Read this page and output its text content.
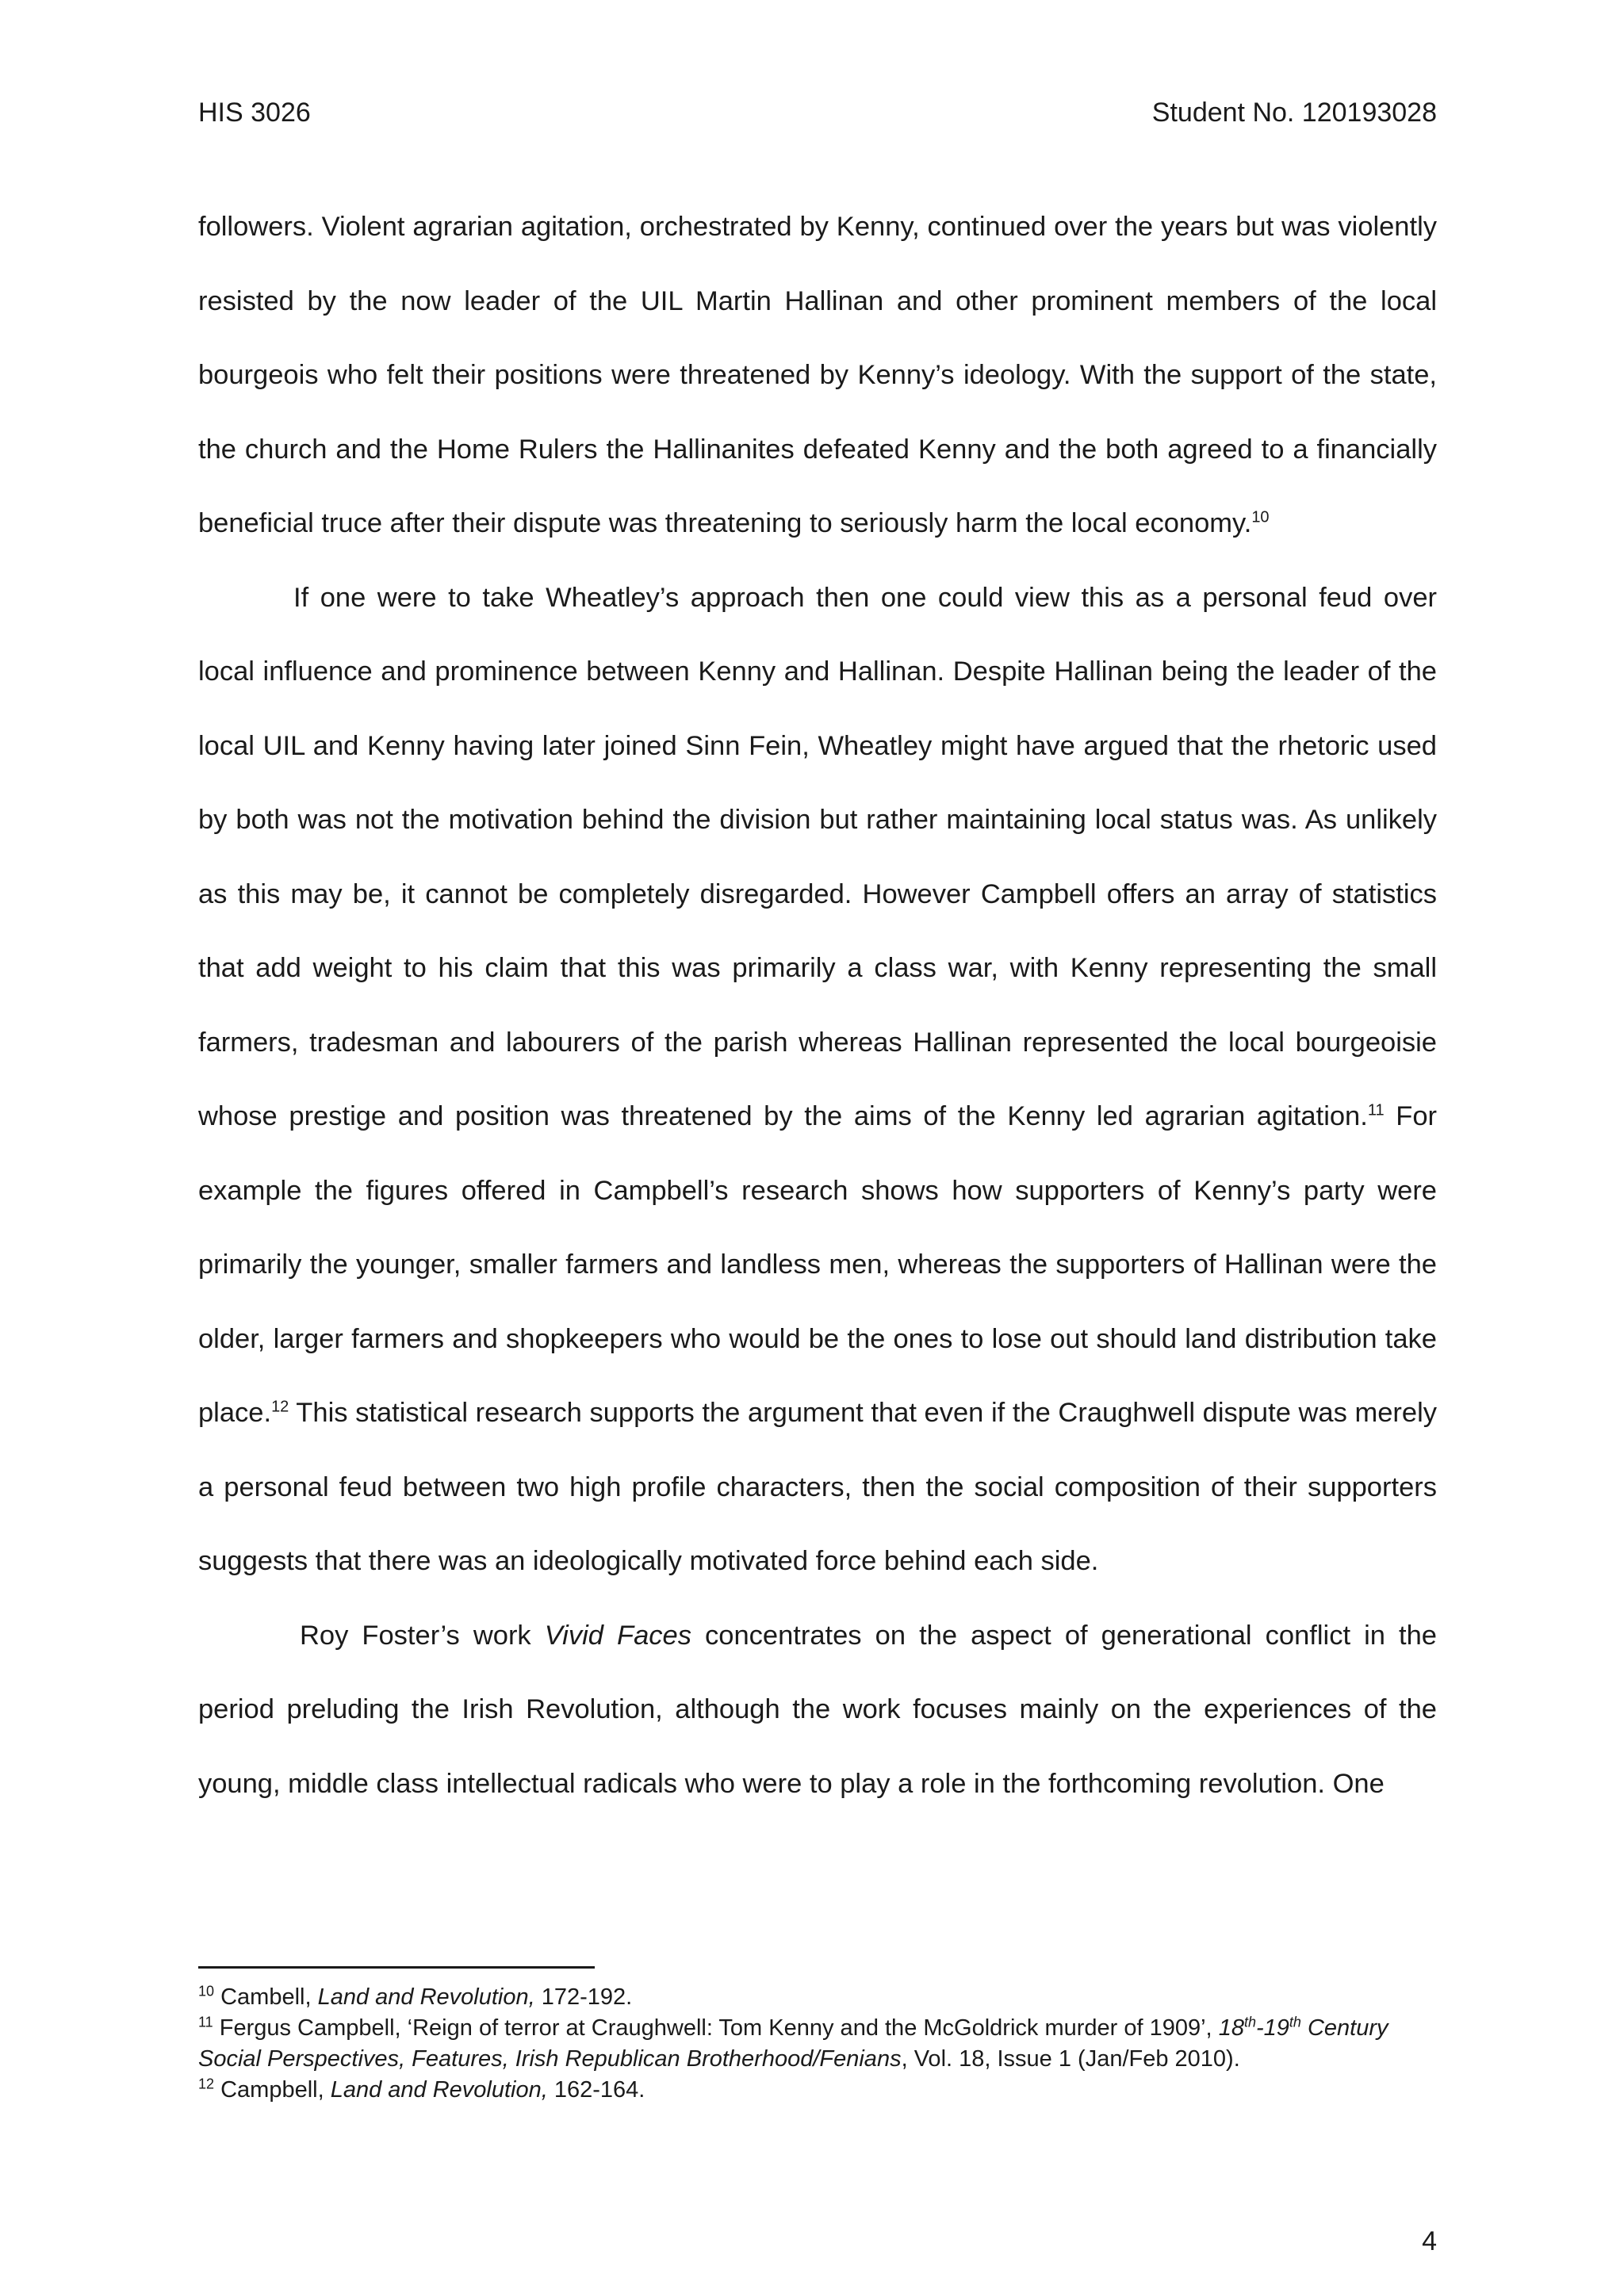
HIS 3026	Student No. 120193028

followers. Violent agrarian agitation, orchestrated by Kenny, continued over the years but was violently resisted by the now leader of the UIL Martin Hallinan and other prominent members of the local bourgeois who felt their positions were threatened by Kenny’s ideology. With the support of the state, the church and the Home Rulers the Hallinanites defeated Kenny and the both agreed to a financially beneficial truce after their dispute was threatening to seriously harm the local economy.$^{10}$

If one were to take Wheatley’s approach then one could view this as a personal feud over local influence and prominence between Kenny and Hallinan. Despite Hallinan being the leader of the local UIL and Kenny having later joined Sinn Fein, Wheatley might have argued that the rhetoric used by both was not the motivation behind the division but rather maintaining local status was. As unlikely as this may be, it cannot be completely disregarded. However Campbell offers an array of statistics that add weight to his claim that this was primarily a class war, with Kenny representing the small farmers, tradesman and labourers of the parish whereas Hallinan represented the local bourgeoisie whose prestige and position was threatened by the aims of the Kenny led agrarian agitation.$^{11}$ For example the figures offered in Campbell’s research shows how supporters of Kenny’s party were primarily the younger, smaller farmers and landless men, whereas the supporters of Hallinan were the older, larger farmers and shopkeepers who would be the ones to lose out should land distribution take place.$^{12}$ This statistical research supports the argument that even if the Craughwell dispute was merely a personal feud between two high profile characters, then the social composition of their supporters suggests that there was an ideologically motivated force behind each side.

Roy Foster’s work Vivid Faces concentrates on the aspect of generational conflict in the period preluding the Irish Revolution, although the work focuses mainly on the experiences of the young, middle class intellectual radicals who were to play a role in the forthcoming revolution. One

$^{10}$ Cambell, Land and Revolution, 172-192.

$^{11}$ Fergus Campbell, ‘Reign of terror at Craughwell: Tom Kenny and the McGoldrick murder of 1909’, 18th-19th Century Social Perspectives, Features, Irish Republican Brotherhood/Fenians, Vol. 18, Issue 1 (Jan/Feb 2010).

$^{12}$ Campbell, Land and Revolution, 162-164.

4
